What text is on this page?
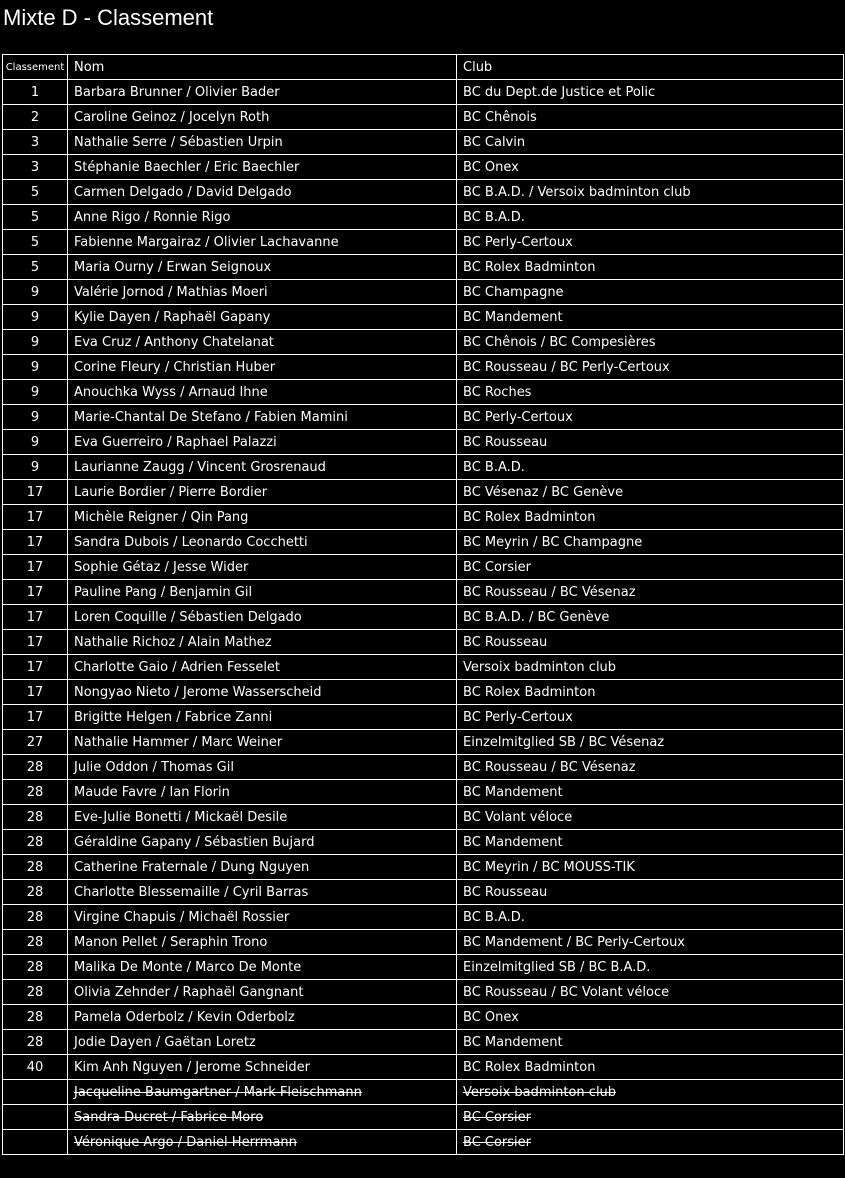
Mixte D - Classement
Classement	Nom	Club
1	Barbara Brunner / Olivier Bader	BC du Dept.de Justice et Polic
2	Caroline Geinoz / Jocelyn Roth	BC Chênois
3	Nathalie Serre / Sébastien Urpin	BC Calvin
3	Stéphanie Baechler / Eric Baechler	BC Onex
5	Carmen Delgado / David Delgado	BC B.A.D. / Versoix badminton club
5	Anne Rigo / Ronnie Rigo	BC B.A.D.
5	Fabienne Margairaz / Olivier Lachavanne	BC Perly-Certoux
5	Maria Ourny / Erwan Seignoux	BC Rolex Badminton
9	Valérie Jornod / Mathias Moeri	BC Champagne
9	Kylie Dayen / Raphaël Gapany	BC Mandement
9	Eva Cruz / Anthony Chatelanat	BC Chênois / BC Compesières
9	Corine Fleury / Christian Huber	BC Rousseau / BC Perly-Certoux
9	Anouchka Wyss / Arnaud Ihne	BC Roches
9	Marie-Chantal De Stefano / Fabien Mamini	BC Perly-Certoux
9	Eva Guerreiro / Raphael Palazzi	BC Rousseau
9	Laurianne Zaugg / Vincent Grosrenaud	BC B.A.D.
17	Laurie Bordier / Pierre Bordier	BC Vésenaz / BC Genève
17	Michèle Reigner / Qin Pang	BC Rolex Badminton
17	Sandra Dubois / Leonardo Cocchetti	BC Meyrin / BC Champagne
17	Sophie Gétaz / Jesse Wider	BC Corsier
17	Pauline Pang / Benjamin Gil	BC Rousseau / BC Vésenaz
17	Loren Coquille / Sébastien Delgado	BC B.A.D. / BC Genève
17	Nathalie Richoz / Alain Mathez	BC Rousseau
17	Charlotte Gaio / Adrien Fesselet	Versoix badminton club
17	Nongyao Nieto / Jerome Wasserscheid	BC Rolex Badminton
17	Brigitte Helgen / Fabrice Zanni	BC Perly-Certoux
27	Nathalie Hammer / Marc Weiner	Einzelmitglied SB / BC Vésenaz
28	Julie Oddon / Thomas Gil	BC Rousseau / BC Vésenaz
28	Maude Favre / Ian Florin	BC Mandement
28	Eve-Julie Bonetti / Mickaël Desile	BC Volant véloce
28	Géraldine Gapany / Sébastien Bujard	BC Mandement
28	Catherine Fraternale / Dung Nguyen	BC Meyrin / BC MOUSS-TIK
28	Charlotte Blessemaille / Cyril Barras	BC Rousseau
28	Virgine Chapuis / Michaël Rossier	BC B.A.D.
28	Manon Pellet / Seraphin Trono	BC Mandement / BC Perly-Certoux
28	Malika De Monte / Marco De Monte	Einzelmitglied SB / BC B.A.D.
28	Olivia Zehnder / Raphaël Gangnant	BC Rousseau / BC Volant véloce
28	Pamela Oderbolz / Kevin Oderbolz	BC Onex
28	Jodie Dayen / Gaëtan Loretz	BC Mandement
40	Kim Anh Nguyen / Jerome Schneider	BC Rolex Badminton
	Jacqueline Baumgartner / Mark Fleischmann	Versoix badminton club
	Sandra Ducret / Fabrice Moro	BC Corsier
	Véronique Argo / Daniel Herrmann	BC Corsier
